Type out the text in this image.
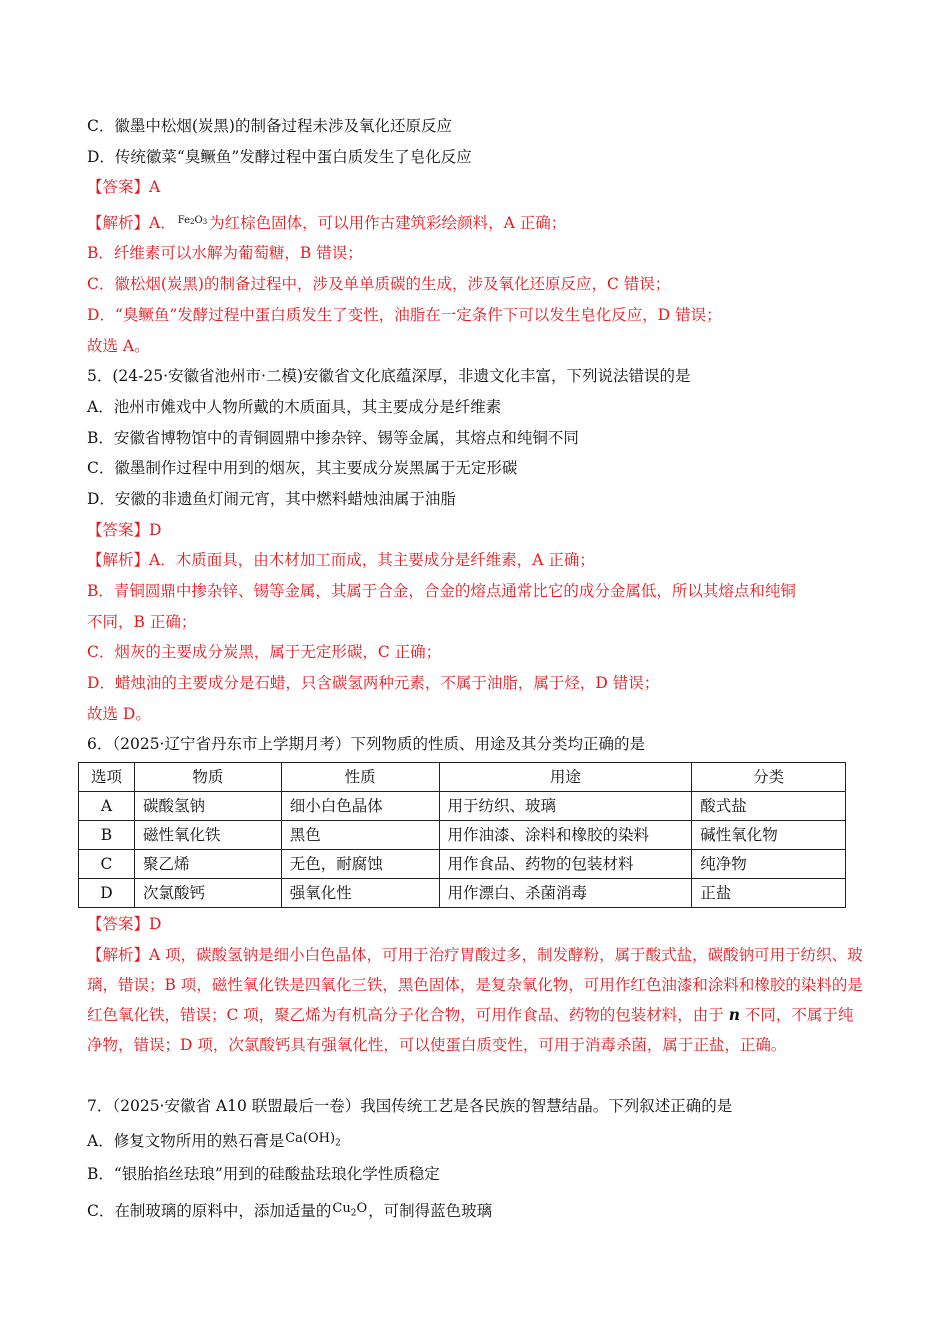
C．徽墨中松烟(炭黑)的制备过程未涉及氧化还原反应
D．传统徽菜“臭鳜鱼”发酵过程中蛋白质发生了皂化反应
【答案】A
【解析】A． $^{Fe_2O_3}$ 为红棕色固体，可以用作古建筑彩绘颜料，A 正确；
B．纤维素可以水解为葡萄糖，B 错误；
C．徽松烟(炭黑)的制备过程中，涉及单单质碳的生成，涉及氧化还原反应，C 错误；
D．“臭鳜鱼”发酵过程中蛋白质发生了变性，油脂在一定条件下可以发生皂化反应，D 错误；
故选 A。
5．(24-25·安徽省池州市·二模)安徽省文化底蕴深厚，非遗文化丰富，下列说法错误的是
A．池州市傩戏中人物所戴的木质面具，其主要成分是纤维素
B．安徽省博物馆中的青铜圆鼎中掺杂锌、锡等金属，其熔点和纯铜不同
C．徽墨制作过程中用到的烟灰，其主要成分炭黑属于无定形碳
D．安徽的非遗鱼灯闹元宵，其中燃料蜡烛油属于油脂
【答案】D
【解析】A．木质面具，由木材加工而成，其主要成分是纤维素，A 正确；
B．青铜圆鼎中掺杂锌、锡等金属，其属于合金，合金的熔点通常比它的成分金属低，所以其熔点和纯铜
不同，B 正确；
C．烟灰的主要成分炭黑，属于无定形碳，C 正确；
D．蜡烛油的主要成分是石蜡，只含碳氢两种元素，不属于油脂，属于烃，D 错误；
故选 D。
6．（2025·辽宁省丹东市上学期月考）下列物质的性质、用途及其分类均正确的是
选项	物质	性质	用途	分类
A	碳酸氢钠	细小白色晶体	用于纺织、玻璃	酸式盐
B	磁性氧化铁	黑色	用作油漆、涂料和橡胶的染料	碱性氧化物
C	聚乙烯	无色，耐腐蚀	用作食品、药物的包装材料	纯净物
D	次氯酸钙	强氧化性	用作漂白、杀菌消毒	正盐
【答案】D
【解析】A 项，碳酸氢钠是细小白色晶体，可用于治疗胃酸过多，制发酵粉，属于酸式盐，碳酸钠可用于纺织、玻璃，错误；B 项，磁性氧化铁是四氧化三铁，黑色固体，是复杂氧化物，可用作红色油漆和涂料和橡胶的染料的是红色氧化铁，错误；C 项，聚乙烯为有机高分子化合物，可用作食品、药物的包装材料，由于 n 不同，不属于纯净物，错误；D 项，次氯酸钙具有强氧化性，可以使蛋白质变性，可用于消毒杀菌，属于正盐，正确。
7．（2025·安徽省 A10 联盟最后一卷）我国传统工艺是各民族的智慧结晶。下列叙述正确的是
A．修复文物所用的熟石膏是$^{Ca(OH)_2}$
B．“银胎掐丝珐琅”用到的硅酸盐珐琅化学性质稳定
C．在制玻璃的原料中，添加适量的$^{Cu_2O}$，可制得蓝色玻璃
